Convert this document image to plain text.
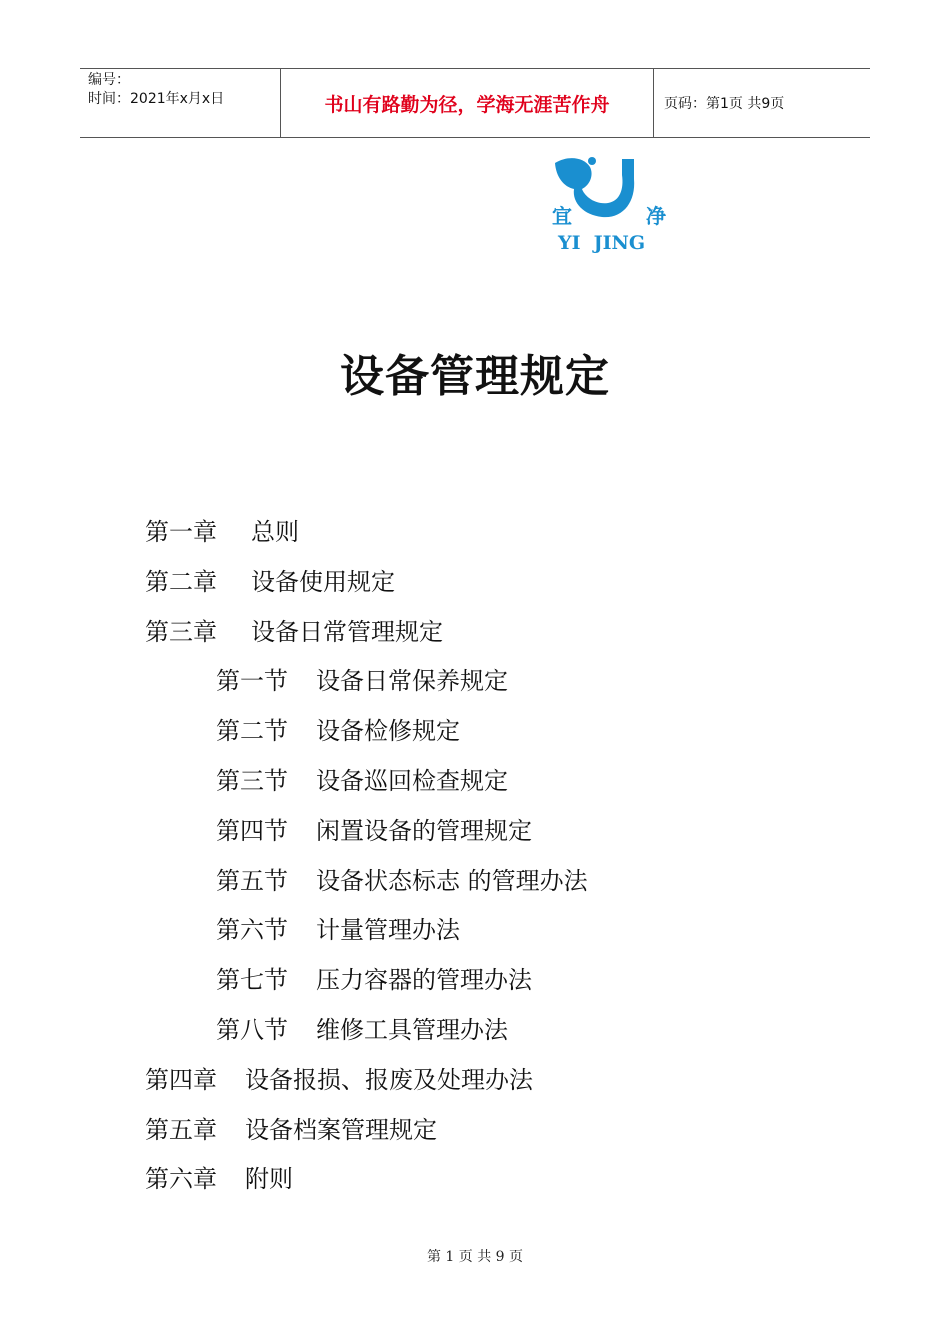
编号：
时间：2021年x月x日	书山有路勤为径，学海无涯苦作舟	页码：第1页 共9页
宜	净
YI  JING
设备管理规定
第一章 总则
第二章 设备使用规定
第三章 设备日常管理规定
第一节 设备日常保养规定
第二节 设备检修规定
第三节 设备巡回检查规定
第四节 闲置设备的管理规定
第五节 设备状态标志 的管理办法
第六节 计量管理办法
第七节 压力容器的管理办法
第八节 维修工具管理办法
第四章 设备报损、报废及处理办法
第五章 设备档案管理规定
第六章 附则
第 1 页 共 9 页
